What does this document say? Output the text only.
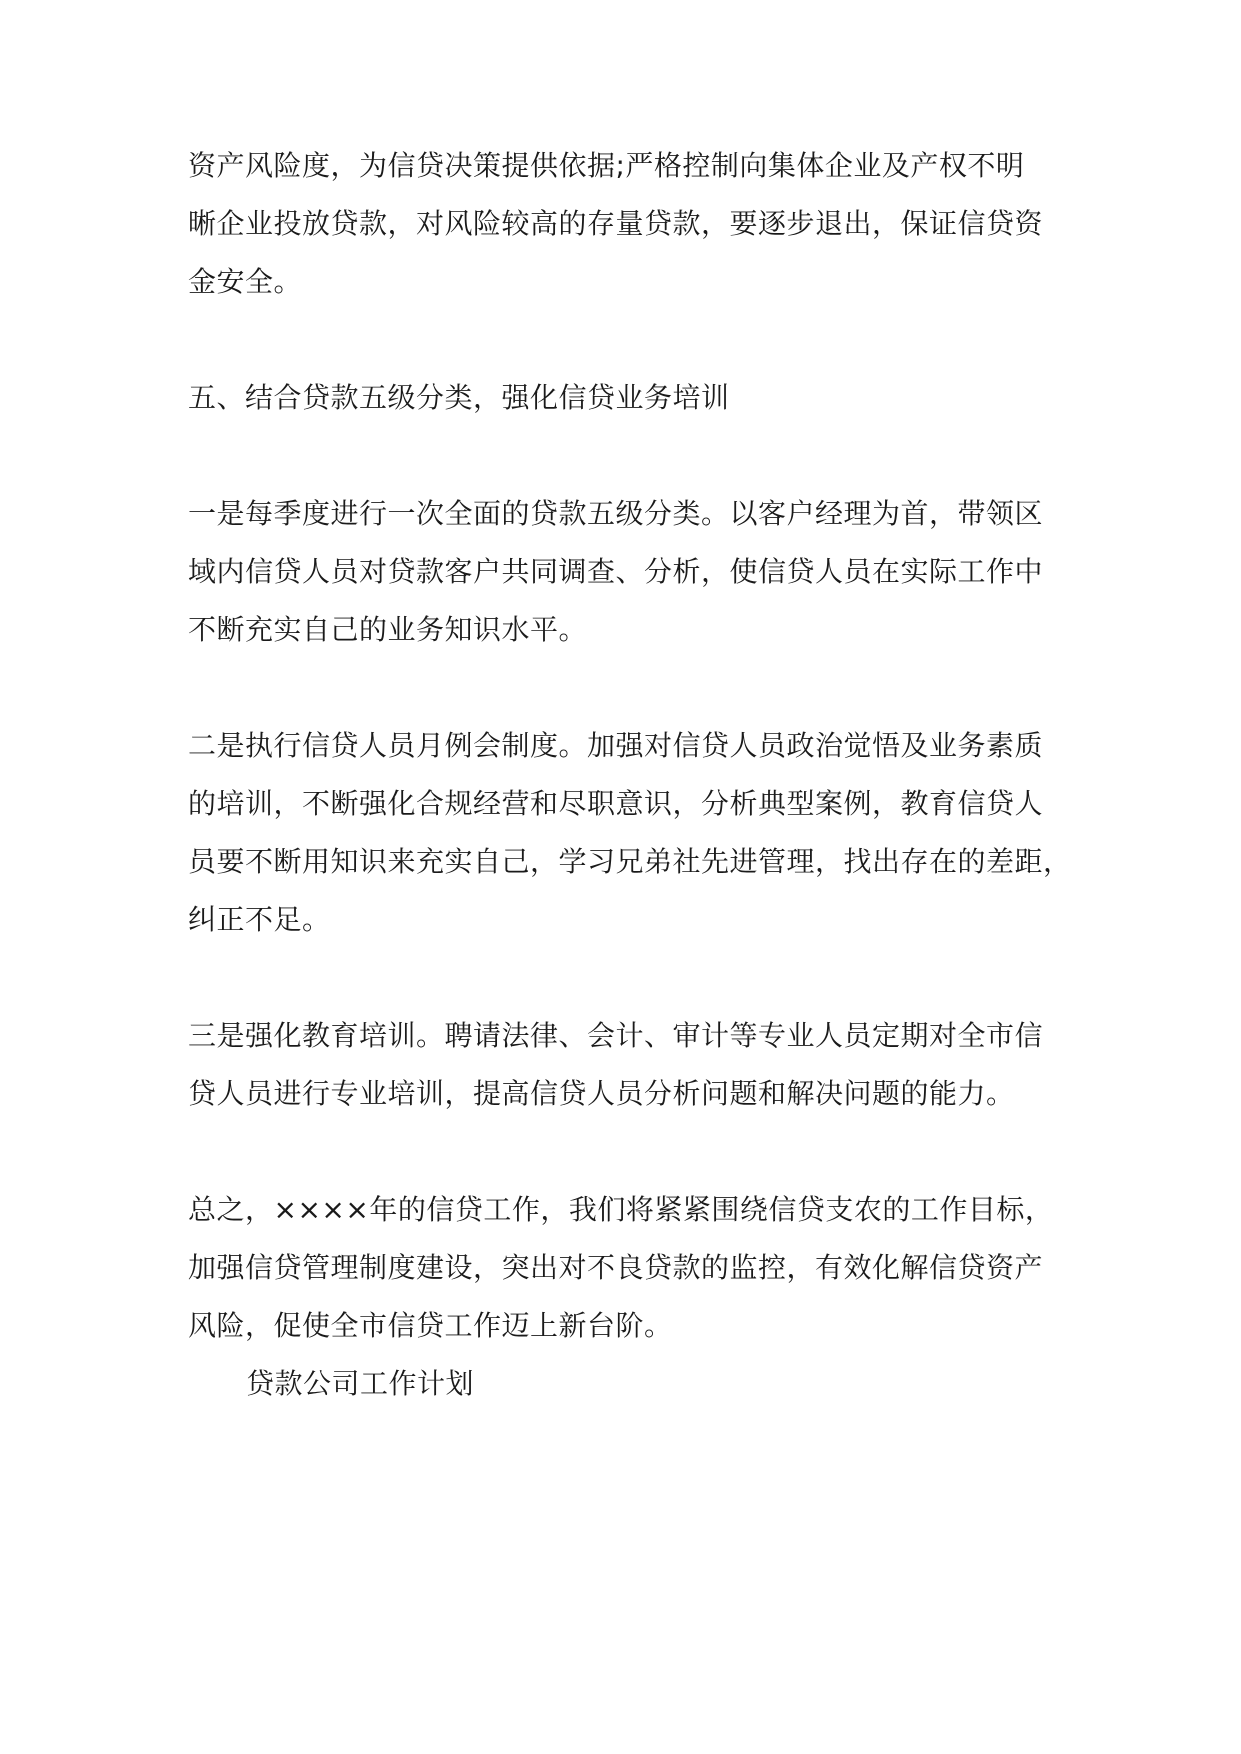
资产风险度，为信贷决策提供依据;严格控制向集体企业及产权不明
晰企业投放贷款，对风险较高的存量贷款，要逐步退出，保证信贷资
金安全。
五、结合贷款五级分类，强化信贷业务培训
一是每季度进行一次全面的贷款五级分类。以客户经理为首，带领区
域内信贷人员对贷款客户共同调查、分析，使信贷人员在实际工作中
不断充实自己的业务知识水平。
二是执行信贷人员月例会制度。加强对信贷人员政治觉悟及业务素质
的培训，不断强化合规经营和尽职意识，分析典型案例，教育信贷人
员要不断用知识来充实自己，学习兄弟社先进管理，找出存在的差距，
纠正不足。
三是强化教育培训。聘请法律、会计、审计等专业人员定期对全市信
贷人员进行专业培训，提高信贷人员分析问题和解决问题的能力。
总之，××××年的信贷工作，我们将紧紧围绕信贷支农的工作目标，
加强信贷管理制度建设，突出对不良贷款的监控，有效化解信贷资产
风险，促使全市信贷工作迈上新台阶。
贷款公司工作计划
